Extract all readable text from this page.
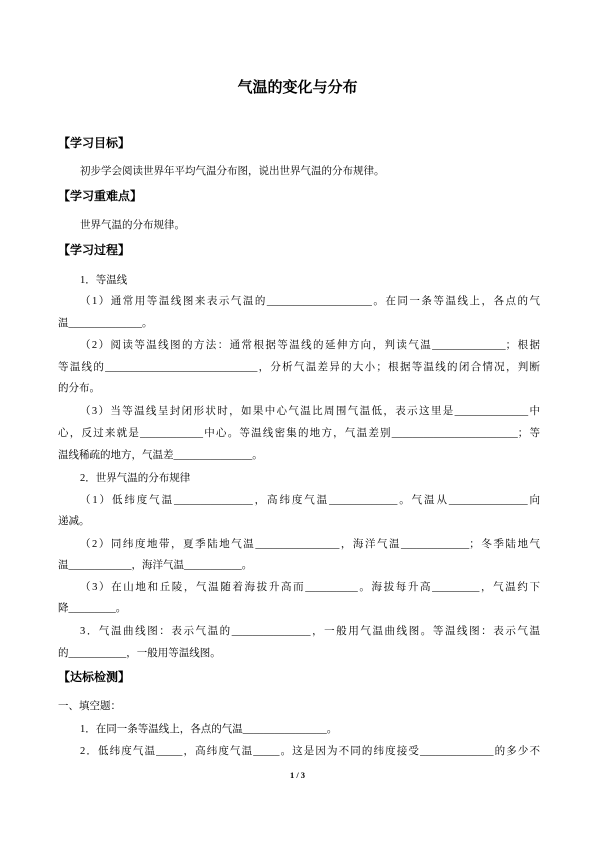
气温的变化与分布
【学习目标】
初步学会阅读世界年平均气温分布图，说出世界气温的分布规律。
【学习重难点】
世界气温的分布规律。
【学习过程】
1．等温线
（1）通常用等温线图来表示气温的____________________。在同一条等温线上，各点的气
温______________。
（2）阅读等温线图的方法：通常根据等温线的延伸方向，判读气温______________；根据
等温线的_____________________________，分析气温差异的大小；根据等温线的闭合情况，判断
的分布。
（3）当等温线呈封闭形状时，如果中心气温比周围气温低，表示这里是______________中
心，反过来就是____________中心。等温线密集的地方，气温差别________________________；等
温线稀疏的地方，气温差_______________。
2．世界气温的分布规律
（1）低纬度气温_______________，高纬度气温_____________。气温从_______________向
递减。
（2）同纬度地带，夏季陆地气温________________，海洋气温_____________；冬季陆地气
温____________，海洋气温___________。
（3）在山地和丘陵，气温随着海拔升高而__________。海拔每升高_________，气温约下
降_________。
3．气温曲线图：表示气温的_______________，一般用气温曲线图。等温线图：表示气温
的___________，一般用等温线图。
【达标检测】
一、填空题：
1．在同一条等温线上，各点的气温________________。
2．低纬度气温_____，高纬度气温_____。这是因为不同的纬度接受______________的多少不
1 / 3
